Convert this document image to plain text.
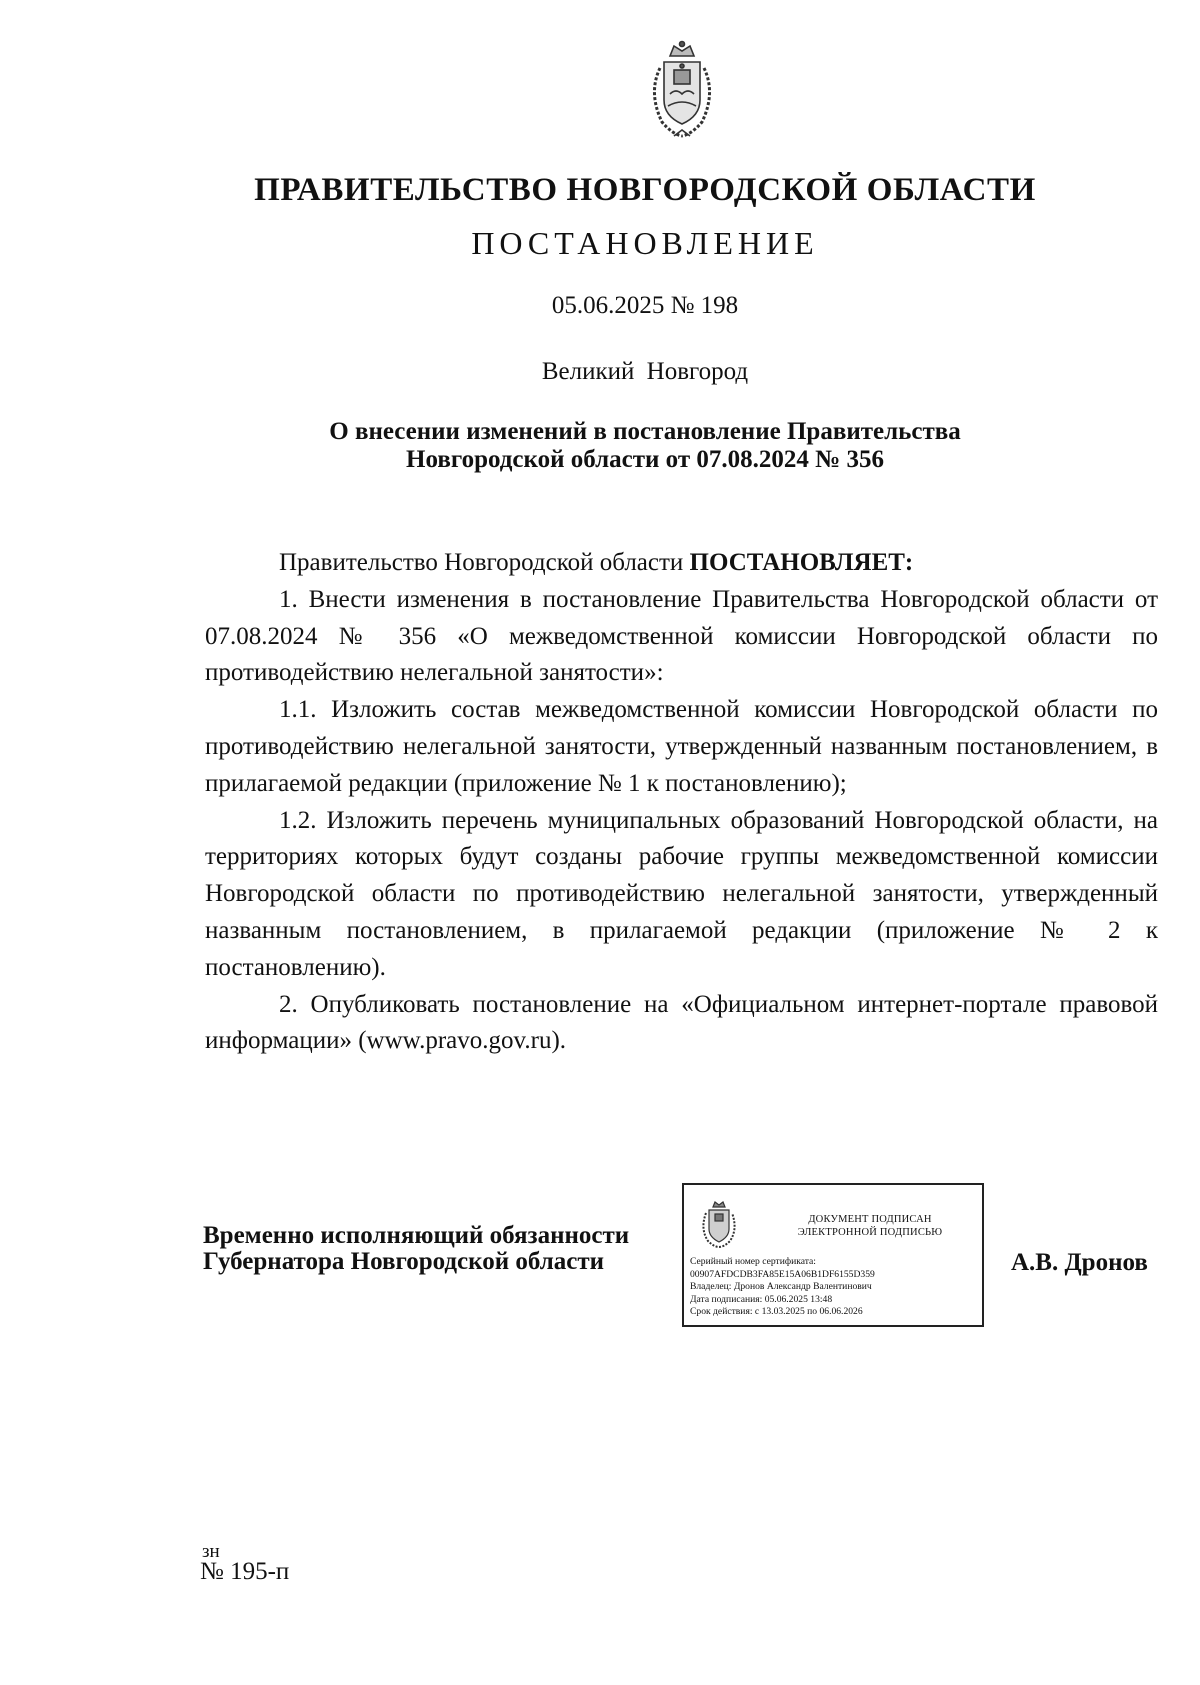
ПРАВИТЕЛЬСТВО НОВГОРОДСКОЙ ОБЛАСТИ
ПОСТАНОВЛЕНИЕ
05.06.2025 № 198
Великий Новгород
О внесении изменений в постановление Правительства
Новгородской области от 07.08.2024 № 356

Правительство Новгородской области ПОСТАНОВЛЯЕТ:

1. Внести изменения в постановление Правительства Новгородской области от 07.08.2024 № 356 «О межведомственной комиссии Новгородской области по противодействию нелегальной занятости»:

1.1. Изложить состав межведомственной комиссии Новгородской области по противодействию нелегальной занятости, утвержденный названным постановлением, в прилагаемой редакции (приложение № 1 к постановлению);

1.2. Изложить перечень муниципальных образований Новгородской области, на территориях которых будут созданы рабочие группы межведомственной комиссии Новгородской области по противодействию нелегальной занятости, утвержденный названным постановлением, в прилагаемой редакции (приложение № 2 к постановлению).

2. Опубликовать постановление на «Официальном интернет-портале правовой информации» (www.pravo.gov.ru).

Временно исполняющий обязанности
Губернатора Новгородской области
ДОКУМЕНТ ПОДПИСАН
ЭЛЕКТРОННОЙ ПОДПИСЬЮ
Серийный номер сертификата:
00907AFDCDB3FA85E15A06B1DF6155D359
Владелец: Дронов Александр Валентинович
Дата подписания: 05.06.2025 13:48
Срок действия: с 13.03.2025 по 06.06.2026
А.В. Дронов
зн
№ 195-п
